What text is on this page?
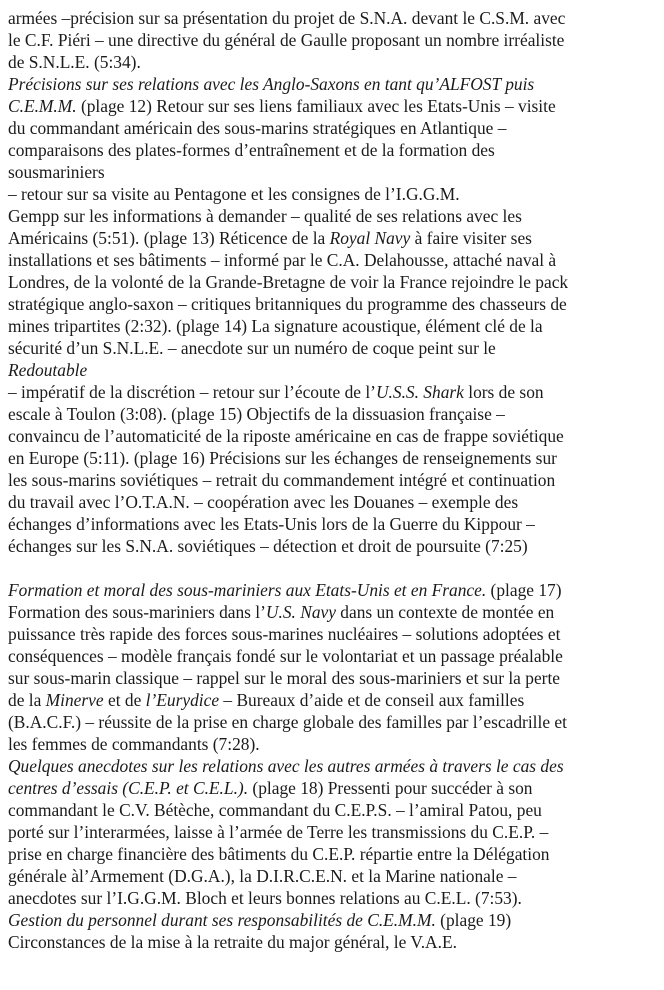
armées –précision sur sa présentation du projet de S.N.A. devant le C.S.M. avec
le C.F. Piéri – une directive du général de Gaulle proposant un nombre irréaliste
de S.N.L.E. (5:34).
Précisions sur ses relations avec les Anglo-Saxons en tant qu’ALFOST puis
C.E.M.M. (plage 12) Retour sur ses liens familiaux avec les Etats-Unis – visite
du commandant américain des sous-marins stratégiques en Atlantique –
comparaisons des plates-formes d’entraînement et de la formation des
sousmariniers
– retour sur sa visite au Pentagone et les consignes de l’I.G.G.M.
Gempp sur les informations à demander – qualité de ses relations avec les
Américains (5:51). (plage 13) Réticence de la Royal Navy à faire visiter ses
installations et ses bâtiments – informé par le C.A. Delahousse, attaché naval à
Londres, de la volonté de la Grande-Bretagne de voir la France rejoindre le pack
stratégique anglo-saxon – critiques britanniques du programme des chasseurs de
mines tripartites (2:32). (plage 14) La signature acoustique, élément clé de la
sécurité d’un S.N.L.E. – anecdote sur un numéro de coque peint sur le
Redoutable
– impératif de la discrétion – retour sur l’écoute de l’U.S.S. Shark lors de son
escale à Toulon (3:08). (plage 15) Objectifs de la dissuasion française –
convaincu de l’automaticité de la riposte américaine en cas de frappe soviétique
en Europe (5:11). (plage 16) Précisions sur les échanges de renseignements sur
les sous-marins soviétiques – retrait du commandement intégré et continuation
du travail avec l’O.T.A.N. – coopération avec les Douanes – exemple des
échanges d’informations avec les Etats-Unis lors de la Guerre du Kippour –
échanges sur les S.N.A. soviétiques – détection et droit de poursuite (7:25)

Formation et moral des sous-mariniers aux Etats-Unis et en France. (plage 17)
Formation des sous-mariniers dans l’U.S. Navy dans un contexte de montée en
puissance très rapide des forces sous-marines nucléaires – solutions adoptées et
conséquences – modèle français fondé sur le volontariat et un passage préalable
sur sous-marin classique – rappel sur le moral des sous-mariniers et sur la perte
de la Minerve et de l’Eurydice – Bureaux d’aide et de conseil aux familles
(B.A.C.F.) – réussite de la prise en charge globale des familles par l’escadrille et
les femmes de commandants (7:28).
Quelques anecdotes sur les relations avec les autres armées à travers le cas des
centres d’essais (C.E.P. et C.E.L.). (plage 18) Pressenti pour succéder à son
commandant le C.V. Bétèche, commandant du C.E.P.S. – l’amiral Patou, peu
porté sur l’interarmées, laisse à l’armée de Terre les transmissions du C.E.P. –
prise en charge financière des bâtiments du C.E.P. répartie entre la Délégation
générale àl’Armement (D.G.A.), la D.I.R.C.E.N. et la Marine nationale –
anecdotes sur l’I.G.G.M. Bloch et leurs bonnes relations au C.E.L. (7:53).
Gestion du personnel durant ses responsabilités de C.E.M.M. (plage 19)
Circonstances de la mise à la retraite du major général, le V.A.E.
